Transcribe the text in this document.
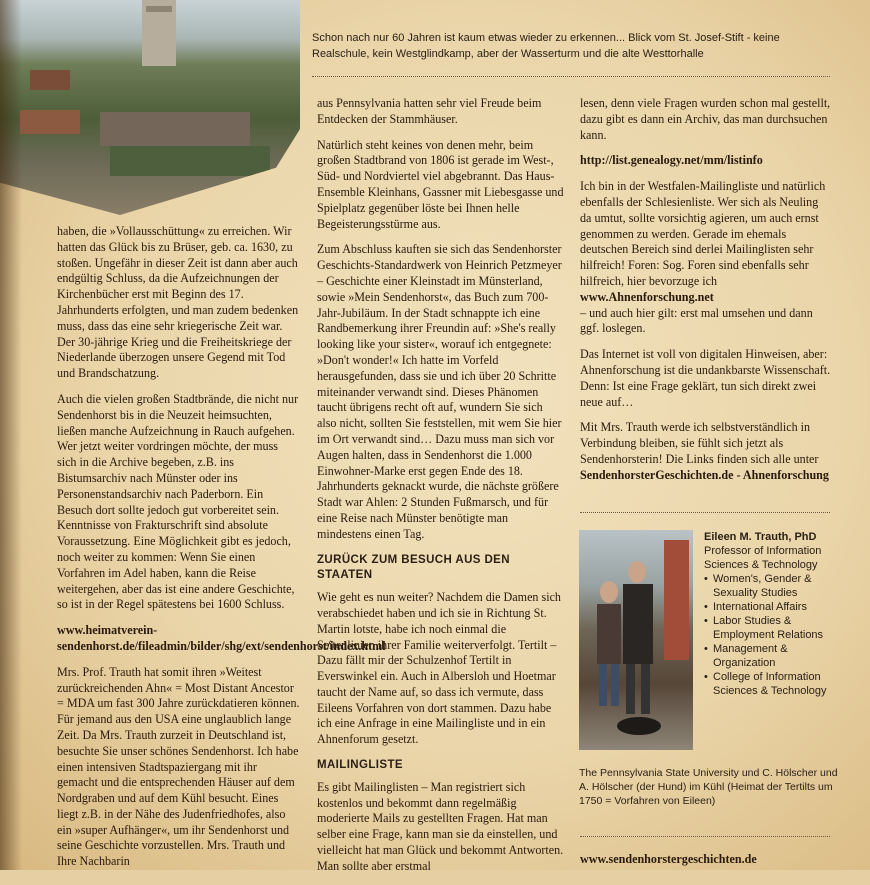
Schon nach nur 60 Jahren ist kaum etwas wieder zu erkennen... Blick vom St. Josef-Stift - keine Realschule, kein Westglindkamp, aber der Wasserturm und die alte Westtorhalle

haben, die »Vollausschüttung« zu erreichen. Wir hatten das Glück bis zu Brüser, geb. ca. 1630, zu stoßen. Ungefähr in dieser Zeit ist dann aber auch endgültig Schluss, da die Aufzeichnungen der Kirchenbücher erst mit Beginn des 17. Jahrhunderts erfolgten, und man zudem bedenken muss, dass das eine sehr kriegerische Zeit war. Der 30-jährige Krieg und die Freiheitskriege der Niederlande überzogen unsere Gegend mit Tod und Brandschatzung.

Auch die vielen großen Stadtbrände, die nicht nur Sendenhorst bis in die Neuzeit heimsuchten, ließen manche Aufzeichnung in Rauch aufgehen. Wer jetzt weiter vordringen möchte, der muss sich in die Archive begeben, z.B. ins Bistumsarchiv nach Münster oder ins Personenstandsarchiv nach Paderborn. Ein Besuch dort sollte jedoch gut vorbereitet sein. Kenntnisse von Frakturschrift sind absolute Voraussetzung. Eine Möglichkeit gibt es jedoch, noch weiter zu kommen: Wenn Sie einen Vorfahren im Adel haben, kann die Reise weitergehen, aber das ist eine andere Geschichte, so ist in der Regel spätestens bei 1600 Schluss.

www.heimatverein-sendenhorst.de/fileadmin/bilder/shg/ext/sendenhorst/index.html

Mrs. Prof. Trauth hat somit ihren »Weitest zurückreichenden Ahn« = Most Distant Ancestor = MDA um fast 300 Jahre zurückdatieren können. Für jemand aus den USA eine unglaublich lange Zeit. Da Mrs. Trauth zurzeit in Deutschland ist, besuchte Sie unser schönes Sendenhorst. Ich habe einen intensiven Stadtspaziergang mit ihr gemacht und die entsprechenden Häuser auf dem Nordgraben und auf dem Kühl besucht. Eines liegt z.B. in der Nähe des Judenfriedhofes, also ein »super Aufhänger«, um ihr Sendenhorst und seine Geschichte vorzustellen. Mrs. Trauth und Ihre Nachbarin

aus Pennsylvania hatten sehr viel Freude beim Entdecken der Stammhäuser.

Natürlich steht keines von denen mehr, beim großen Stadtbrand von 1806 ist gerade im West-, Süd- und Nordviertel viel abgebrannt. Das Haus-Ensemble Kleinhans, Gassner mit Liebesgasse und Spielplatz gegenüber löste bei Ihnen helle Begeisterungsstürme aus.

Zum Abschluss kauften sie sich das Sendenhorster Geschichts-Standardwerk von Heinrich Petzmeyer – Geschichte einer Kleinstadt im Münsterland, sowie »Mein Sendenhorst«, das Buch zum 700-Jahr-Jubiläum. In der Stadt schnappte ich eine Randbemerkung ihrer Freundin auf: »She's really looking like your sister«, worauf ich entgegnete: »Don't wonder!« Ich hatte im Vorfeld herausgefunden, dass sie und ich über 20 Schritte miteinander verwandt sind. Dieses Phänomen taucht übrigens recht oft auf, wundern Sie sich also nicht, sollten Sie feststellen, mit wem Sie hier im Ort verwandt sind… Dazu muss man sich vor Augen halten, dass in Sendenhorst die 1.000 Einwohner-Marke erst gegen Ende des 18. Jahrhunderts geknackt wurde, die nächste größere Stadt war Ahlen: 2 Stunden Fußmarsch, und für eine Reise nach Münster benötigte man mindestens einen Tag.

ZURÜCK ZUM BESUCH AUS DEN STAATEN

Wie geht es nun weiter? Nachdem die Damen sich verabschiedet haben und ich sie in Richtung St. Martin lotste, habe ich noch einmal die Seitenlinien ihrer Familie weiterverfolgt. Tertilt – Dazu fällt mir der Schulzenhof Tertilt in Everswinkel ein. Auch in Albersloh und Hoetmar taucht der Name auf, so dass ich vermute, dass Eileens Vorfahren von dort stammen. Dazu habe ich eine Anfrage in eine Mailingliste und in ein Ahnenforum gesetzt.

MAILINGLISTE

Es gibt Mailinglisten – Man registriert sich kostenlos und bekommt dann regelmäßig moderierte Mails zu gestellten Fragen. Hat man selber eine Frage, kann man sie da einstellen, und vielleicht hat man Glück und bekommt Antworten. Man sollte aber erstmal

lesen, denn viele Fragen wurden schon mal gestellt, dazu gibt es dann ein Archiv, das man durchsuchen kann.

http://list.genealogy.net/mm/listinfo

Ich bin in der Westfalen-Mailingliste und natürlich ebenfalls der Schlesienliste. Wer sich als Neuling da umtut, sollte vorsichtig agieren, um auch ernst genommen zu werden. Gerade im ehemals deutschen Bereich sind derlei Mailinglisten sehr hilfreich! Foren: Sog. Foren sind ebenfalls sehr hilfreich, hier bevorzuge ich

www.Ahnenforschung.net

– und auch hier gilt: erst mal umsehen und dann ggf. loslegen.

Das Internet ist voll von digitalen Hinweisen, aber: Ahnenforschung ist die undankbarste Wissenschaft. Denn: Ist eine Frage geklärt, tun sich direkt zwei neue auf…

Mit Mrs. Trauth werde ich selbstverständlich in Verbindung bleiben, sie fühlt sich jetzt als Sendenhorsterin! Die Links finden sich alle unter

SendenhorsterGeschichten.de - Ahnenforschung

Eileen M. Trauth, PhD
Professor of Information Sciences & Technology
• Women's, Gender & Sexuality Studies
• International Affairs
• Labor Studies & Employment Relations
• Management & Organization
• College of Information Sciences & Technology
The Pennsylvania State University und C. Hölscher und A. Hölscher (der Hund) im Kühl (Heimat der Tertilts um 1750 = Vorfahren von Eileen)
www.sendenhorstergeschichten.de
